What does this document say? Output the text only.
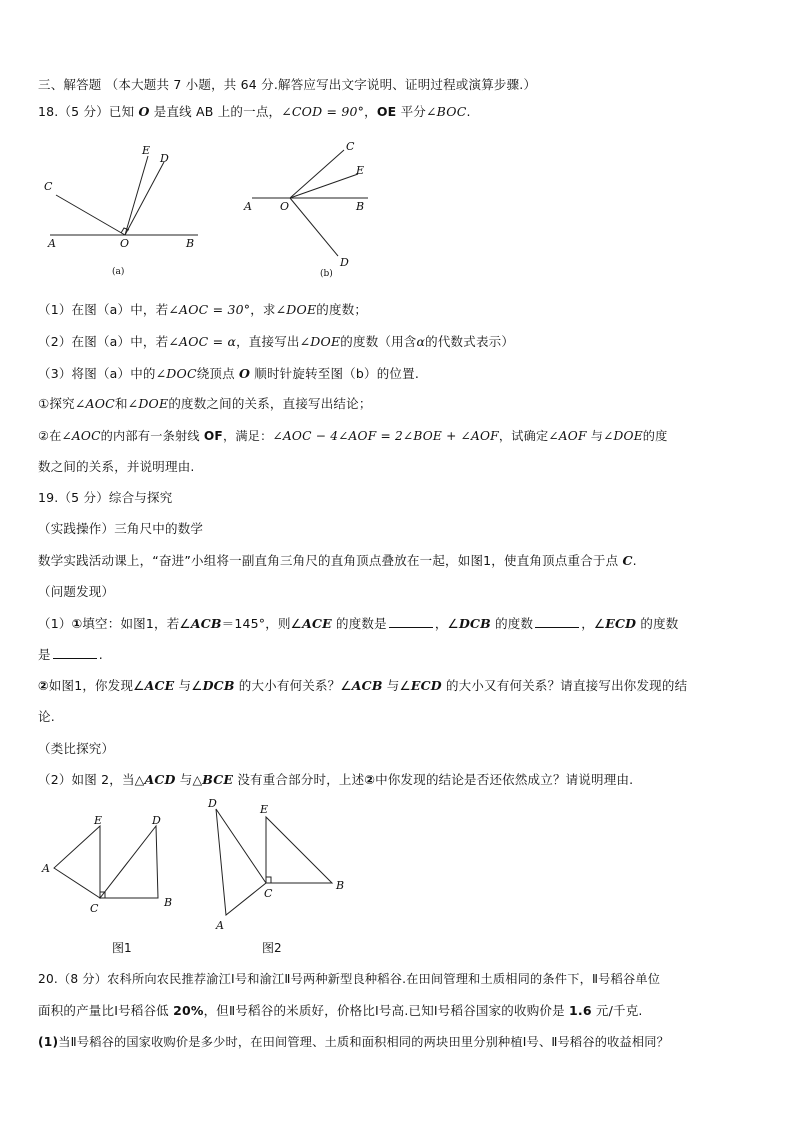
三、解答题 （本大题共 7 小题，共 64 分.解答应写出文字说明、证明过程或演算步骤.）
18.（5 分）已知 O 是直线 AB 上的一点，∠COD = 90°，OE 平分∠BOC.
C
E
D
A	O	B
(a)
C
E
A	O	B
D
(b)
（1）在图（a）中，若∠AOC = 30°，求∠DOE的度数；
（2）在图（a）中，若∠AOC = α，直接写出∠DOE的度数（用含α的代数式表示）
（3）将图（a）中的∠DOC绕顶点 O 顺时针旋转至图（b）的位置.
①探究∠AOC和∠DOE的度数之间的关系，直接写出结论；
②在∠AOC的内部有一条射线 OF，满足：∠AOC − 4∠AOF = 2∠BOE + ∠AOF，试确定∠AOF 与∠DOE的度
数之间的关系，并说明理由.
19.（5 分）综合与探究
（实践操作）三角尺中的数学
数学实践活动课上，“奋进”小组将一副直角三角尺的直角顶点叠放在一起，如图1，使直角顶点重合于点 C.
（问题发现）
（1）①填空：如图1，若∠ACB＝145°，则∠ACE 的度数是	，∠DCB 的度数	，∠ECD 的度数
是	.
②如图1，你发现∠ACE 与∠DCB 的大小有何关系？∠ACB 与∠ECD 的大小又有何关系？请直接写出你发现的结
论.
（类比探究）
（2）如图 2，当△ACD 与△BCE 没有重合部分时，上述②中你发现的结论是否还依然成立？请说明理由.
E	D
A
C	B
图1
D	E
C
B
A
图2
20.（8 分）农科所向农民推荐渝江Ⅰ号和渝江Ⅱ号两种新型良种稻谷.在田间管理和土质相同的条件下，Ⅱ号稻谷单位
面积的产量比Ⅰ号稻谷低 20%，但Ⅱ号稻谷的米质好，价格比Ⅰ号高.已知Ⅰ号稻谷国家的收购价是 1.6 元/千克.
(1)当Ⅱ号稻谷的国家收购价是多少时，在田间管理、土质和面积相同的两块田里分别种植Ⅰ号、Ⅱ号稻谷的收益相同？
